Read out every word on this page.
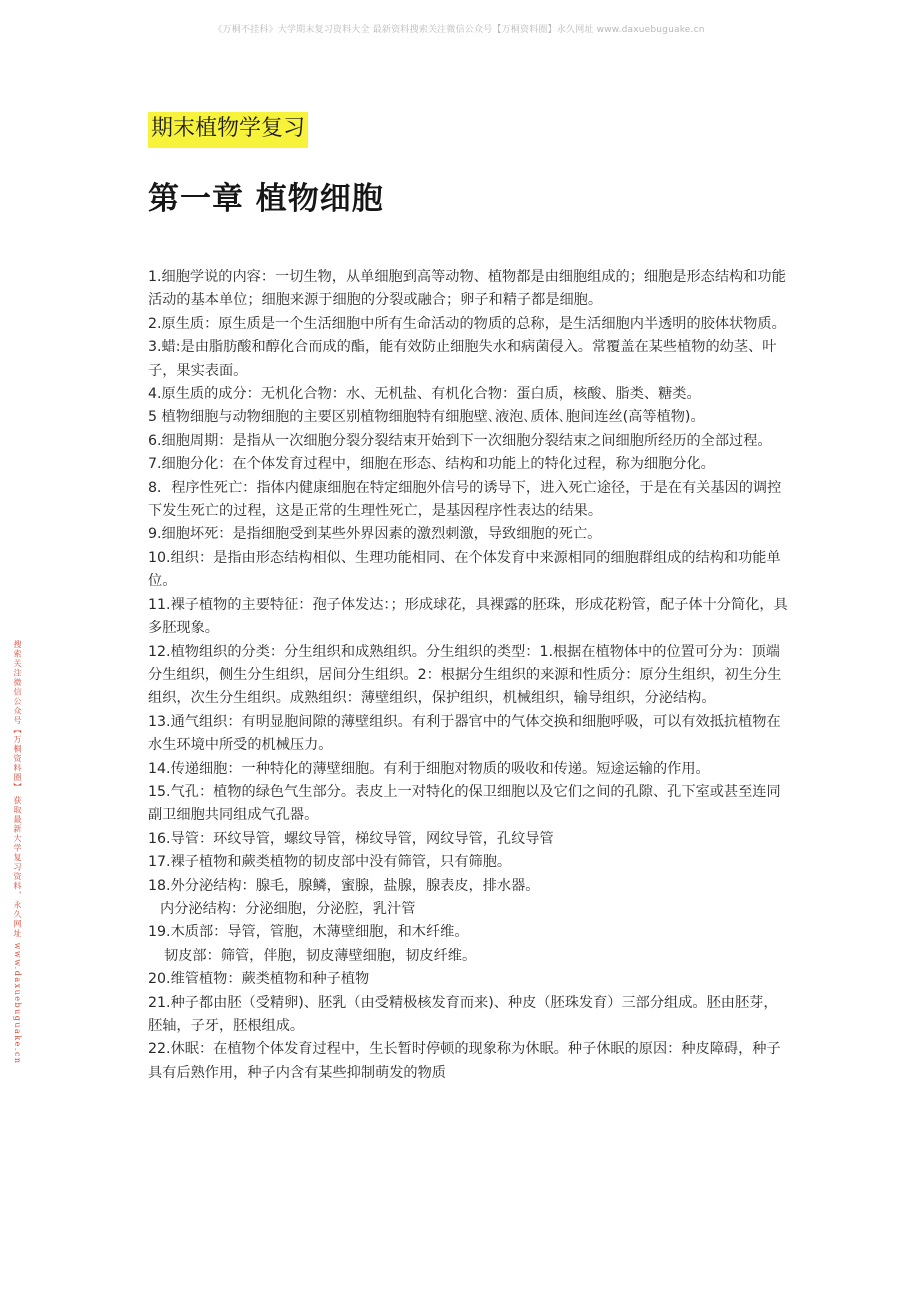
《万桐不挂科》大学期末复习资料大全 最新资料搜索关注微信公众号【万桐资料圈】永久网址 www.daxuebuguake.cn
搜索关注微信公众号【万桐资料圈】 获取最新大学复习资料，永久网址 www.daxuebuguake.cn
期末植物学复习
第一章 植物细胞

1.细胞学说的内容：一切生物，从单细胞到高等动物、植物都是由细胞组成的；细胞是形态结构和功能活动的基本单位；细胞来源于细胞的分裂或融合；卵子和精子都是细胞。

2.原生质：原生质是一个生活细胞中所有生命活动的物质的总称，是生活细胞内半透明的胶体状物质。

3.蜡:是由脂肪酸和醇化合而成的酯，能有效防止细胞失水和病菌侵入。常覆盖在某些植物的幼茎、叶子，果实表面。

4.原生质的成分：无机化合物：水、无机盐、有机化合物：蛋白质，核酸、脂类、糖类。

5 植物细胞与动物细胞的主要区别植物细胞特有细胞壁､液泡､质体､胞间连丝(高等植物)。

6.细胞周期：是指从一次细胞分裂分裂结束开始到下一次细胞分裂结束之间细胞所经历的全部过程。

7.细胞分化：在个体发育过程中，细胞在形态、结构和功能上的特化过程，称为细胞分化。

8．程序性死亡：指体内健康细胞在特定细胞外信号的诱导下，进入死亡途径，于是在有关基因的调控下发生死亡的过程，这是正常的生理性死亡，是基因程序性表达的结果。

9.细胞坏死：是指细胞受到某些外界因素的激烈刺激，导致细胞的死亡。

10.组织：是指由形态结构相似、生理功能相同、在个体发育中来源相同的细胞群组成的结构和功能单位。

11.裸子植物的主要特征：孢子体发达：；形成球花，具裸露的胚珠，形成花粉管，配子体十分简化，具多胚现象。

12.植物组织的分类：分生组织和成熟组织。分生组织的类型：1.根据在植物体中的位置可分为：顶端分生组织，侧生分生组织，居间分生组织。2：根据分生组织的来源和性质分：原分生组织，初生分生组织，次生分生组织。成熟组织：薄壁组织，保护组织，机械组织，输导组织，分泌结构。

13.通气组织：有明显胞间隙的薄壁组织。有利于器官中的气体交换和细胞呼吸，可以有效抵抗植物在水生环境中所受的机械压力。

14.传递细胞：一种特化的薄壁细胞。有利于细胞对物质的吸收和传递。短途运输的作用。

15.气孔：植物的绿色气生部分。表皮上一对特化的保卫细胞以及它们之间的孔隙、孔下室或甚至连同副卫细胞共同组成气孔器。

16.导管：环纹导管，螺纹导管，梯纹导管，网纹导管，孔纹导管

17.裸子植物和蕨类植物的韧皮部中没有筛管，只有筛胞。

18.外分泌结构：腺毛，腺鳞，蜜腺，盐腺，腺表皮，排水器。

内分泌结构：分泌细胞，分泌腔，乳汁管

19.木质部：导管，管胞，木薄壁细胞，和木纤维。

韧皮部：筛管，伴胞，韧皮薄壁细胞，韧皮纤维。

20.维管植物：蕨类植物和种子植物

21.种子都由胚（受精卵)、胚乳（由受精极核发育而来)、种皮（胚珠发育）三部分组成。胚由胚芽，胚轴，子牙，胚根组成。

22.休眠：在植物个体发育过程中，生长暂时停顿的现象称为休眠。种子休眠的原因：种皮障碍，种子具有后熟作用，种子内含有某些抑制萌发的物质
